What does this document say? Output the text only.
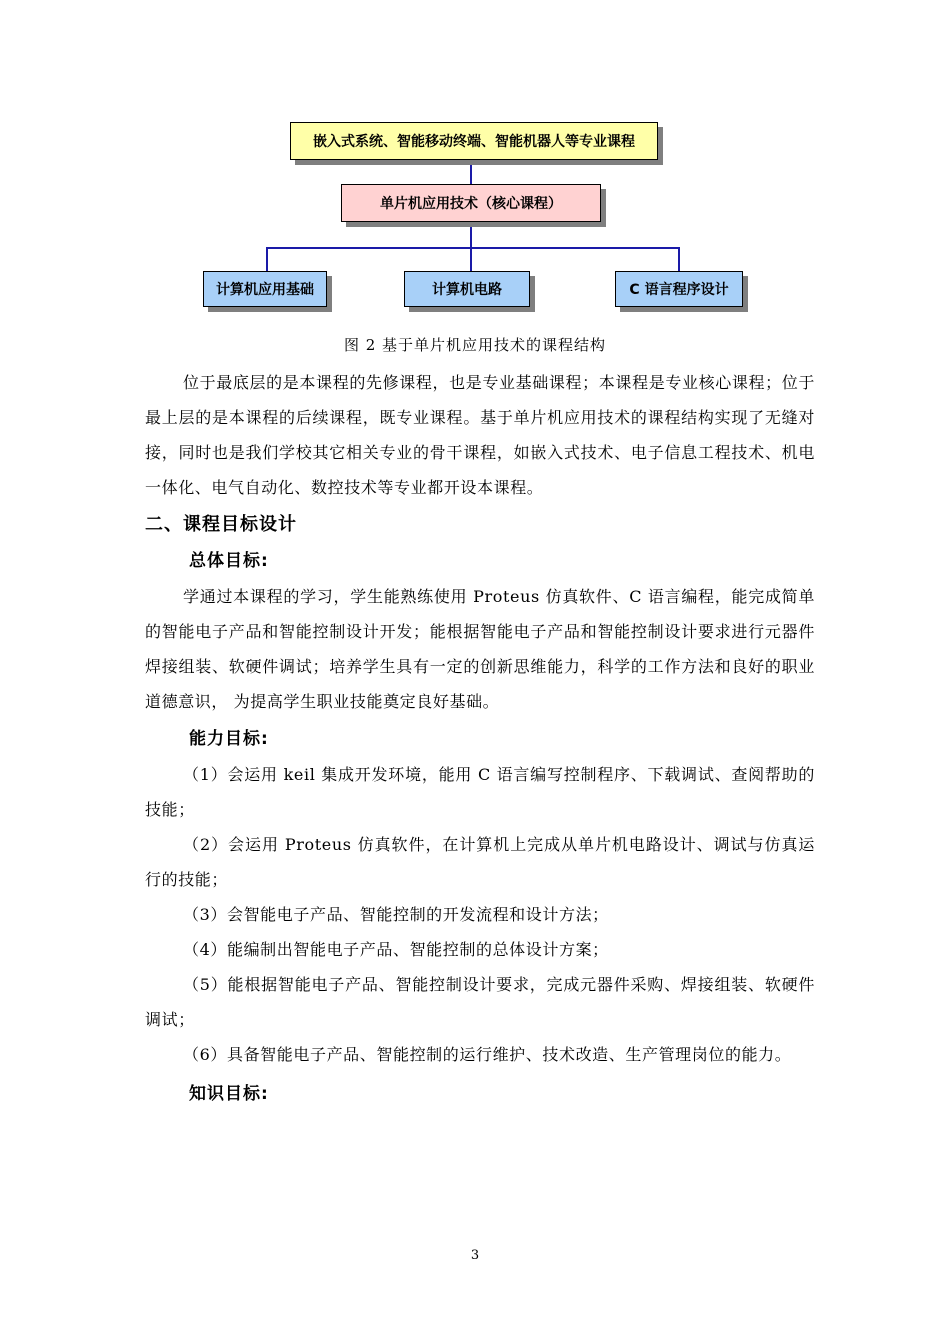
嵌入式系统、智能移动终端、智能机器人等专业课程
单片机应用技术（核心课程）
计算机应用基础	计算机电路	C 语言程序设计
图 2 基于单片机应用技术的课程结构

位于最底层的是本课程的先修课程，也是专业基础课程；本课程是专业核心课程；位于最上层的是本课程的后续课程，既专业课程。基于单片机应用技术的课程结构实现了无缝对接，同时也是我们学校其它相关专业的骨干课程，如嵌入式技术、电子信息工程技术、机电一体化、电气自动化、数控技术等专业都开设本课程。

二、课程目标设计

总体目标:

学通过本课程的学习，学生能熟练使用 Proteus 仿真软件、C 语言编程，能完成简单的智能电子产品和智能控制设计开发；能根据智能电子产品和智能控制设计要求进行元器件焊接组装、软硬件调试；培养学生具有一定的创新思维能力，科学的工作方法和良好的职业道德意识， 为提高学生职业技能奠定良好基础。

能力目标:

（1）会运用 keil 集成开发环境，能用 C 语言编写控制程序、下载调试、查阅帮助的技能；

（2）会运用 Proteus 仿真软件，在计算机上完成从单片机电路设计、调试与仿真运行的技能；

（3）会智能电子产品、智能控制的开发流程和设计方法；

（4）能编制出智能电子产品、智能控制的总体设计方案；

（5）能根据智能电子产品、智能控制设计要求，完成元器件采购、焊接组装、软硬件调试；

（6）具备智能电子产品、智能控制的运行维护、技术改造、生产管理岗位的能力。

知识目标:

3
